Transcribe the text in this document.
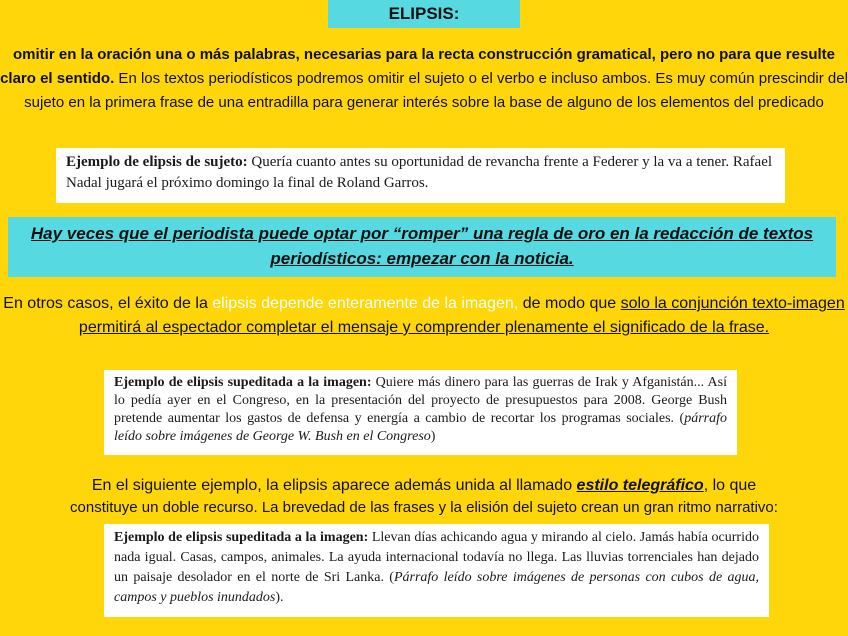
ELIPSIS:
omitir en la oración una o más palabras, necesarias para la recta construcción gramatical, pero no para que resulte claro el sentido. En los textos periodísticos podremos omitir el sujeto o el verbo e incluso ambos. Es muy común prescindir del sujeto en la primera frase de una entradilla para generar interés sobre la base de alguno de los elementos del predicado
Ejemplo de elipsis de sujeto: Quería cuanto antes su oportunidad de revancha frente a Federer y la va a tener. Rafael Nadal jugará el próximo domingo la final de Roland Garros.
Hay veces que el periodista puede optar por “romper” una regla de oro en la redacción de textos periodísticos: empezar con la noticia.
En otros casos, el éxito de la elipsis depende enteramente de la imagen, de modo que solo la conjunción texto-imagen permitirá al espectador completar el mensaje y comprender plenamente el significado de la frase.
Ejemplo de elipsis supeditada a la imagen: Quiere más dinero para las guerras de Irak y Afganistán... Así lo pedía ayer en el Congreso, en la presentación del proyecto de presupuestos para 2008. George Bush pretende aumentar los gastos de defensa y energía a cambio de recortar los programas sociales. (párrafo leído sobre imágenes de George W. Bush en el Congreso)
En el siguiente ejemplo, la elipsis aparece además unida al llamado estilo telegráfico, lo que
constituye un doble recurso. La brevedad de las frases y la elisión del sujeto crean un gran ritmo narrativo:
Ejemplo de elipsis supeditada a la imagen: Llevan días achicando agua y mirando al cielo. Jamás había ocurrido nada igual. Casas, campos, animales. La ayuda internacional todavía no llega. Las lluvias torrenciales han dejado un paisaje desolador en el norte de Sri Lanka. (Párrafo leído sobre imágenes de personas con cubos de agua, campos y pueblos inundados).
